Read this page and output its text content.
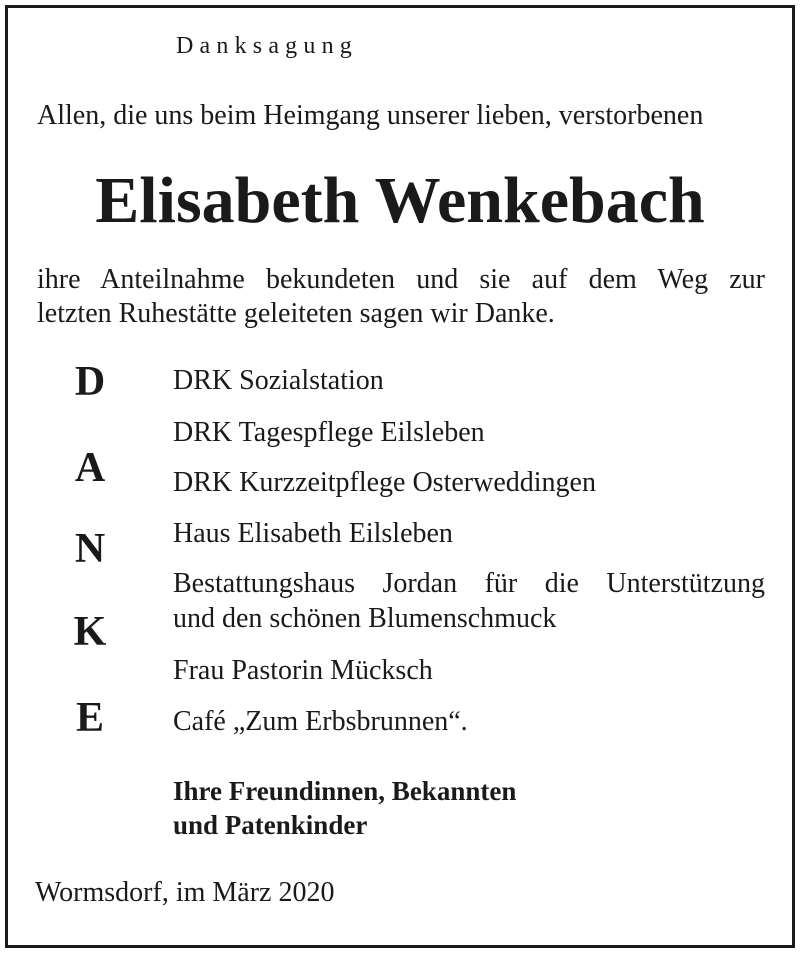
Danksagung
Allen, die uns beim Heimgang unserer lieben, verstorbenen
Elisabeth Wenkebach
ihre Anteilnahme bekundeten und sie auf dem Weg zur
letzten Ruhestätte geleiteten sagen wir Danke.
D
A
N
K
E
DRK Sozialstation
DRK Tagespflege Eilsleben
DRK Kurzzeitpflege Osterweddingen
Haus Elisabeth Eilsleben
Bestattungshaus Jordan für die Unterstützung
und den schönen Blumenschmuck
Frau Pastorin Mücksch
Café „Zum Erbsbrunnen“.
Ihre Freundinnen, Bekannten
und Patenkinder
Wormsdorf, im März 2020
